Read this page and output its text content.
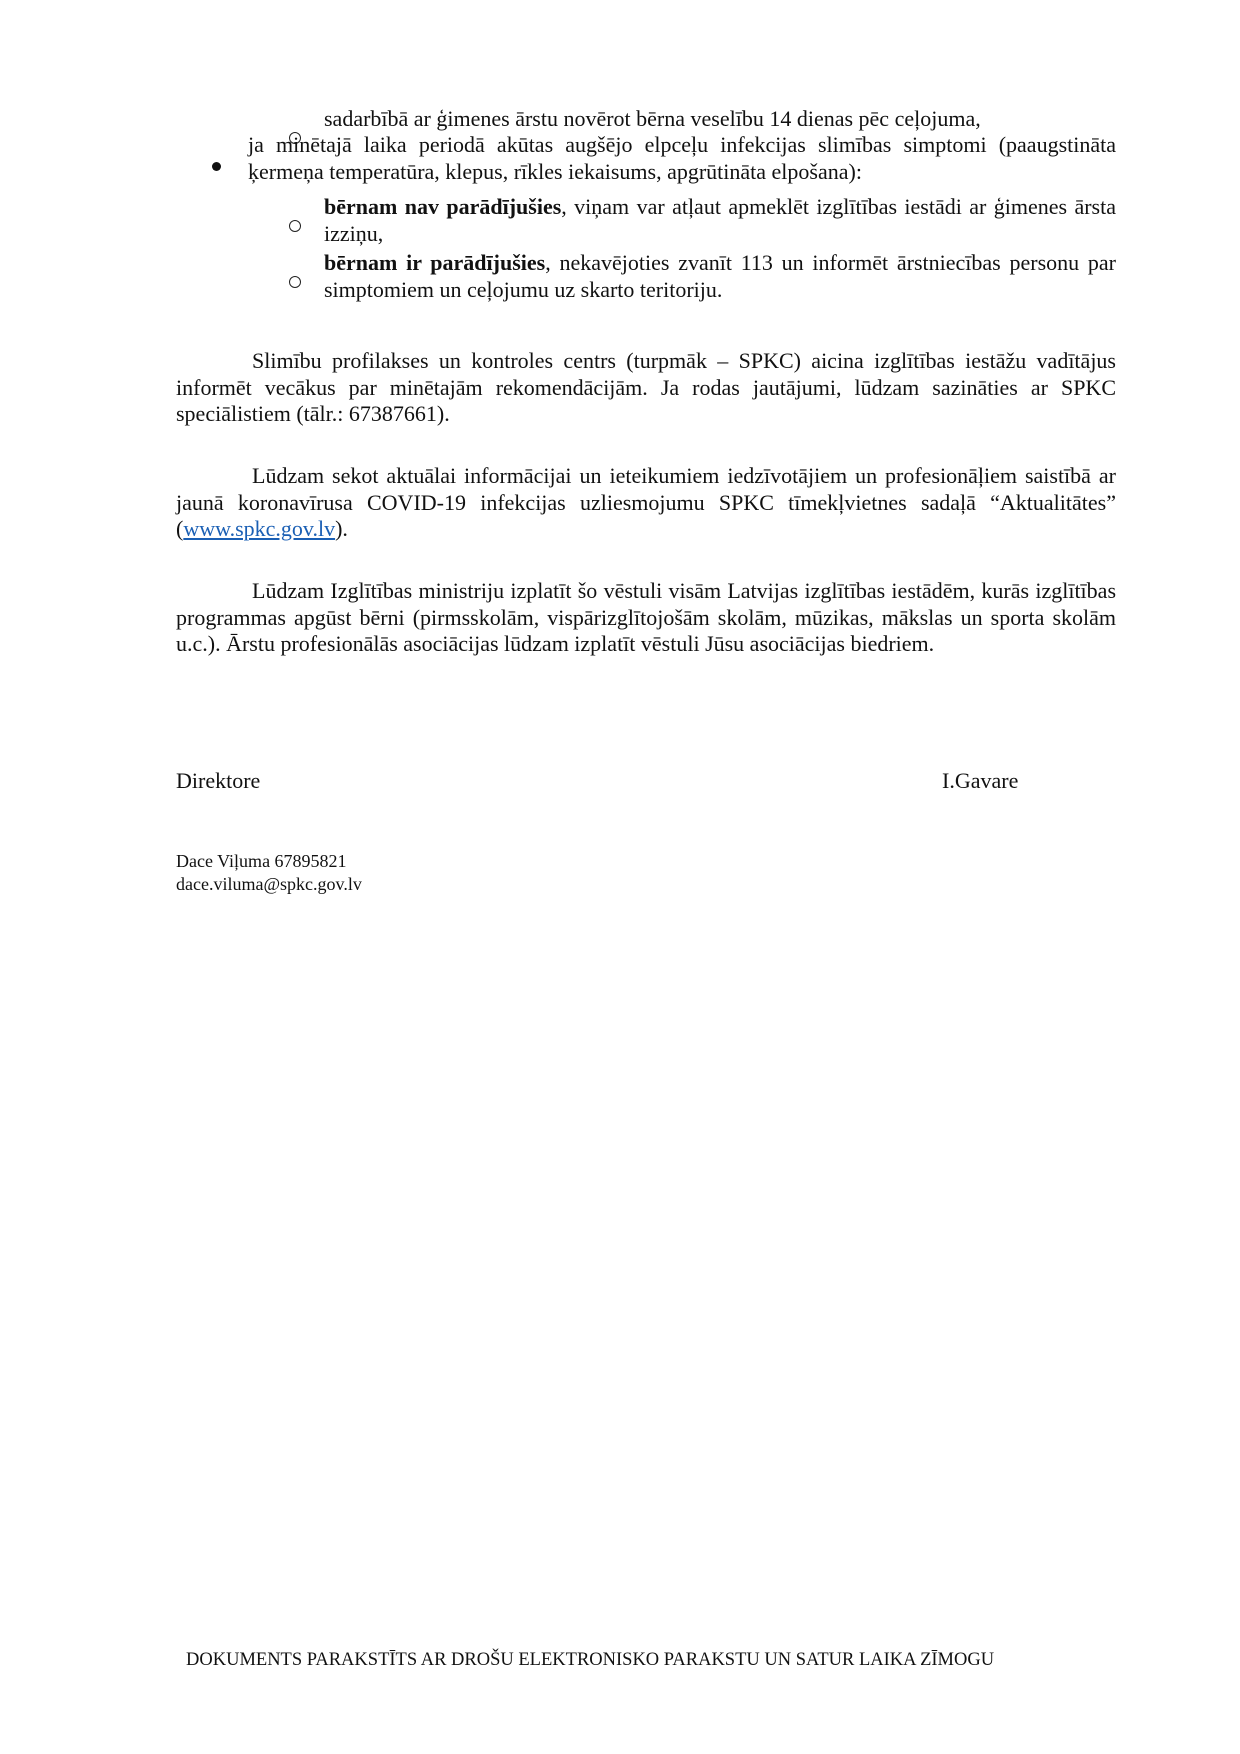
sadarbībā ar ģimenes ārstu novērot bērna veselību 14 dienas pēc ceļojuma,
ja minētajā laika periodā akūtas augšējo elpceļu infekcijas slimības simptomi (paaugstināta ķermeņa temperatūra, klepus, rīkles iekaisums, apgrūtināta elpošana):
bērnam nav parādījušies, viņam var atļaut apmeklēt izglītības iestādi ar ģimenes ārsta izziņu,
bērnam ir parādījušies, nekavējoties zvanīt 113 un informēt ārstniecības personu par simptomiem un ceļojumu uz skarto teritoriju.
Slimību profilakses un kontroles centrs (turpmāk – SPKC) aicina izglītības iestāžu vadītājus informēt vecākus par minētajām rekomendācijām. Ja rodas jautājumi, lūdzam sazināties ar SPKC speciālistiem (tālr.: 67387661).
Lūdzam sekot aktuālai informācijai un ieteikumiem iedzīvotājiem un profesionāļiem saistībā ar jaunā koronavīrusa COVID-19 infekcijas uzliesmojumu SPKC tīmekļvietnes sadaļā “Aktualitātes” (www.spkc.gov.lv).
Lūdzam Izglītības ministriju izplatīt šo vēstuli visām Latvijas izglītības iestādēm, kurās izglītības programmas apgūst bērni (pirmsskolām, vispārizglītojošām skolām, mūzikas, mākslas un sporta skolām u.c.). Ārstu profesionālās asociācijas lūdzam izplatīt vēstuli Jūsu asociācijas biedriem.
Direktore	I.Gavare
Dace Viļuma 67895821
dace.viluma@spkc.gov.lv
DOKUMENTS PARAKSTĪTS AR DROŠU ELEKTRONISKO PARAKSTU UN SATUR LAIKA ZĪMOGU
